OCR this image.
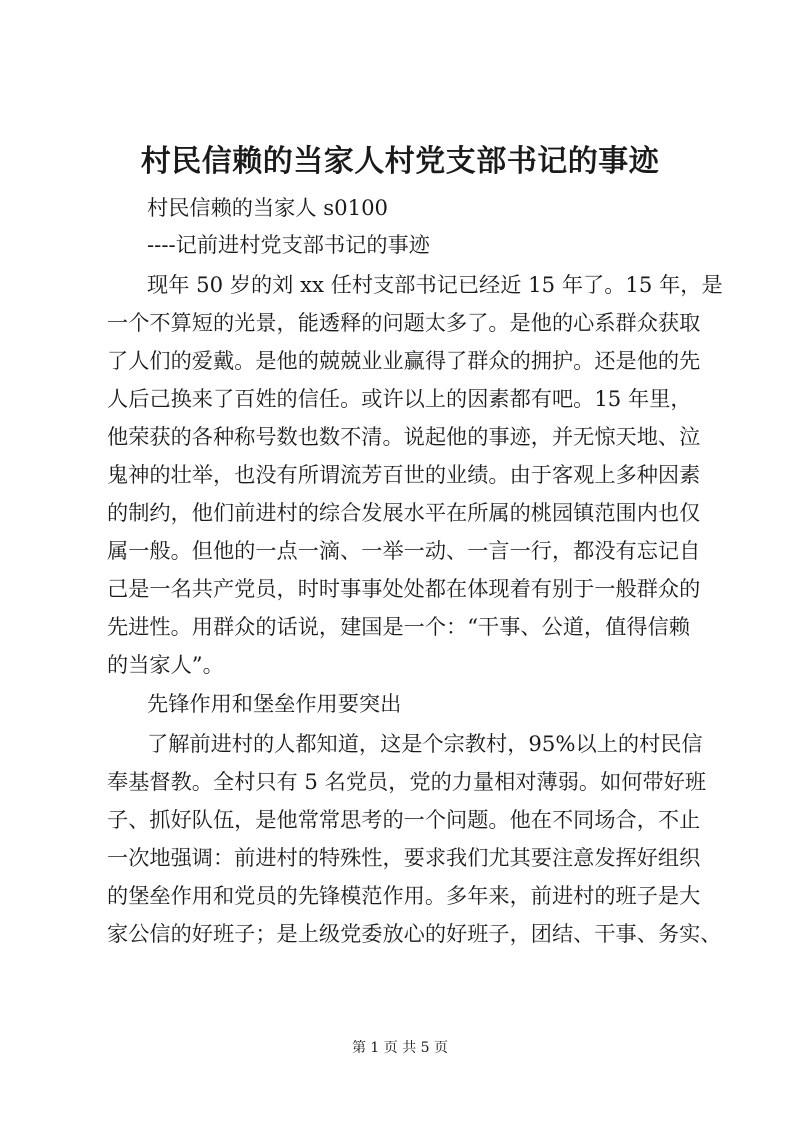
村民信赖的当家人村党支部书记的事迹
村民信赖的当家人 s0100
----记前进村党支部书记的事迹
现年 50 岁的刘 xx 任村支部书记已经近 15 年了。15 年，是
一个不算短的光景，能透释的问题太多了。是他的心系群众获取
了人们的爱戴。是他的兢兢业业赢得了群众的拥护。还是他的先
人后己换来了百姓的信任。或许以上的因素都有吧。15 年里，
他荣获的各种称号数也数不清。说起他的事迹，并无惊天地、泣
鬼神的壮举，也没有所谓流芳百世的业绩。由于客观上多种因素
的制约，他们前进村的综合发展水平在所属的桃园镇范围内也仅
属一般。但他的一点一滴、一举一动、一言一行，都没有忘记自
己是一名共产党员，时时事事处处都在体现着有别于一般群众的
先进性。用群众的话说，建国是一个：“干事、公道，值得信赖
的当家人”。
先锋作用和堡垒作用要突出
了解前进村的人都知道，这是个宗教村，95%以上的村民信
奉基督教。全村只有 5 名党员，党的力量相对薄弱。如何带好班
子、抓好队伍，是他常常思考的一个问题。他在不同场合，不止
一次地强调：前进村的特殊性，要求我们尤其要注意发挥好组织
的堡垒作用和党员的先锋模范作用。多年来，前进村的班子是大
家公信的好班子；是上级党委放心的好班子，团结、干事、务实、
第 1 页 共 5 页
